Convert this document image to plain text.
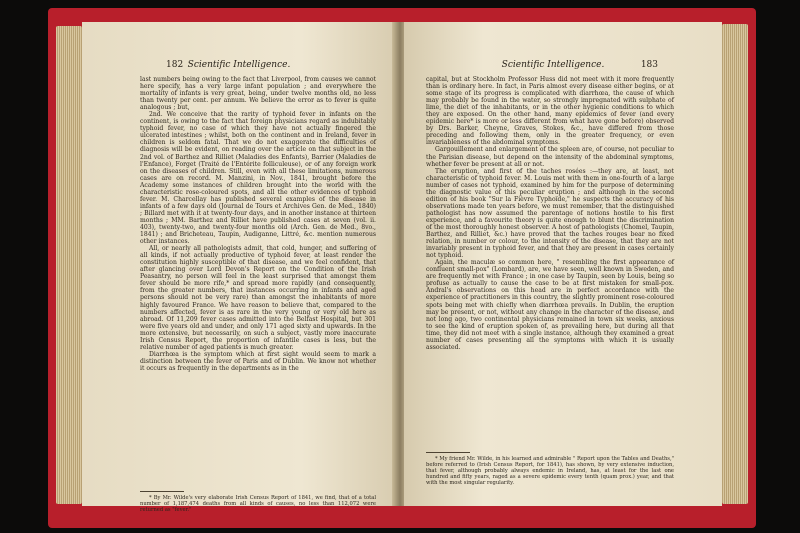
182 Scientific Intelligence.

last numbers being owing to the fact that Liverpool, from causes we cannot here specify, has a very large infant population ; and everywhere the mortality of infants is very great, being, under twelve months old, no less than twenty per cent. per annum. We believe the error as to fever is quite analogous ; but,

2nd. We conceive that the rarity of typhoid fever in infants on the continent, is owing to the fact that foreign physicians regard as indubitably typhoid fever, no case of which they have not actually fingered the ulcerated intestines ; whilst, both on the continent and in Ireland, fever in children is seldom fatal. That we do not exaggerate the difficulties of diagnosis will be evident, on reading over the article on that subject in the 2nd vol. of Barthez and Rilliet (Maladies des Enfants), Barrier (Maladies de l'Enfance), Forget (Traité de l'Entérite folliculeuse), or of any foreign work on the diseases of children. Still, even with all these limitations, numerous cases are on record. M. Manzini, in Nov., 1841, brought before the Academy some instances of children brought into the world with the characteristic rose-coloured spots, and all the other evidences of typhoid fever. M. Charcellay has published several examples of the disease in infants of a few days old (Journal de Tours et Archives Gen. de Med., 1840) ; Billard met with it at twenty-four days, and in another instance at thirteen months ; MM. Barthez and Rilliet have published cases at seven (vol. ii. 403), twenty-two, and twenty-four months old (Arch. Gen. de Med., 8vo., 1841) ; and Bricheteau, Taupin, Audiganne, Littré, &c. mention numerous other instances.

All, or nearly all pathologists admit, that cold, hunger, and suffering of all kinds, if not actually productive of typhoid fever, at least render the constitution highly susceptible of that disease, and we feel confident, that after glancing over Lord Devon's Report on the Condition of the Irish Peasantry, no person will feel in the least surprised that amongst them fever should be more rife,* and spread more rapidly (and consequently, from the greater numbers, that instances occurring in infants and aged persons should not be very rare) than amongst the inhabitants of more highly favoured France. We have reason to believe that, compared to the numbers affected, fever is as rare in the very young or very old here as abroad. Of 11,209 fever cases admitted into the Belfast Hospital, but 301 were five years old and under, and only 171 aged sixty and upwards. In the more extensive, but necessarily, on such a subject, vastly more inaccurate Irish Census Report, the proportion of infantile cases is less, but the relative number of aged patients is much greater.

Diarrhœa is the symptom which at first sight would seem to mark a distinction between the fever of Paris and of Dublin. We know not whether it occurs as frequently in the departments as in the

* By Mr. Wilde's very elaborate Irish Census Report of 1841, we find, that of a total number of 1,187,474 deaths from all kinds of causes, no less than 112,072 were returned as "fever."

Scientific Intelligence.	183

capital, but at Stockholm Professor Huss did not meet with it more frequently than is ordinary here. In fact, in Paris almost every disease either begins, or at some stage of its progress is complicated with diarrhœa, the cause of which may probably be found in the water, so strongly impregnated with sulphate of lime, the diet of the inhabitants, or in the other hygienic conditions to which they are exposed. On the other hand, many epidemics of fever (and every epidemic here* is more or less different from what have gone before) observed by Drs. Barker, Cheyne, Graves, Stokes, &c., have differed from those preceding and following them, only in the greater frequency, or even invariableness of the abdominal symptoms.

Gargouillement and enlargement of the spleen are, of course, not peculiar to the Parisian disease, but depend on the intensity of the abdominal symptoms, whether fever be present at all or not.

The eruption, and first of the taches rosées :—they are, at least, not characteristic of typhoid fever. M. Louis met with them in one-fourth of a large number of cases not typhoid, examined by him for the purpose of determining the diagnostic value of this peculiar eruption ; and although in the second edition of his book "Sur la Fièvre Typhoïde," he suspects the accuracy of his observations made ten years before, we must remember, that the distinguished pathologist has now assumed the parentage of notions hostile to his first experience, and a favourite theory is quite enough to blunt the discrimination of the most thoroughly honest observer. A host of pathologists (Chomel, Taupin, Barthez, and Rilliet, &c.) have proved that the taches rouges bear no fixed relation, in number or colour, to the intensity of the disease, that they are not invariably present in typhoid fever, and that they are present in cases certainly not typhoid.

Again, the maculæ so common here, " resembling the first appearance of confluent small-pox" (Lombard), are, we have seen, well known in Sweden, and are frequently met with France ; in one case by Taupin, seen by Louis, being so profuse as actually to cause the case to be at first mistaken for small-pox. Andral's observations on this head are in perfect accordance with the experience of practitioners in this country, the slightly prominent rose-coloured spots being met with chiefly when diarrhœa prevails. In Dublin, the eruption may be present, or not, without any change in the character of the disease, and not long ago, two continental physicians remained in town six weeks, anxious to see the kind of eruption spoken of, as prevailing here, but during all that time, they did not meet with a single instance, although they examined a great number of cases presenting all the symptoms with which it is usually associated.

* My friend Mr. Wilde, in his learned and admirable " Report upon the Tables and Deaths," before referred to (Irish Census Report, for 1841), has shown, by very extensive induction, that fever, although probably always endemic in Ireland, has, at least for the last one hundred and fifty years, raged as a severe epidemic every tenth (quam prox.) year, and that with the most singular regularity.
